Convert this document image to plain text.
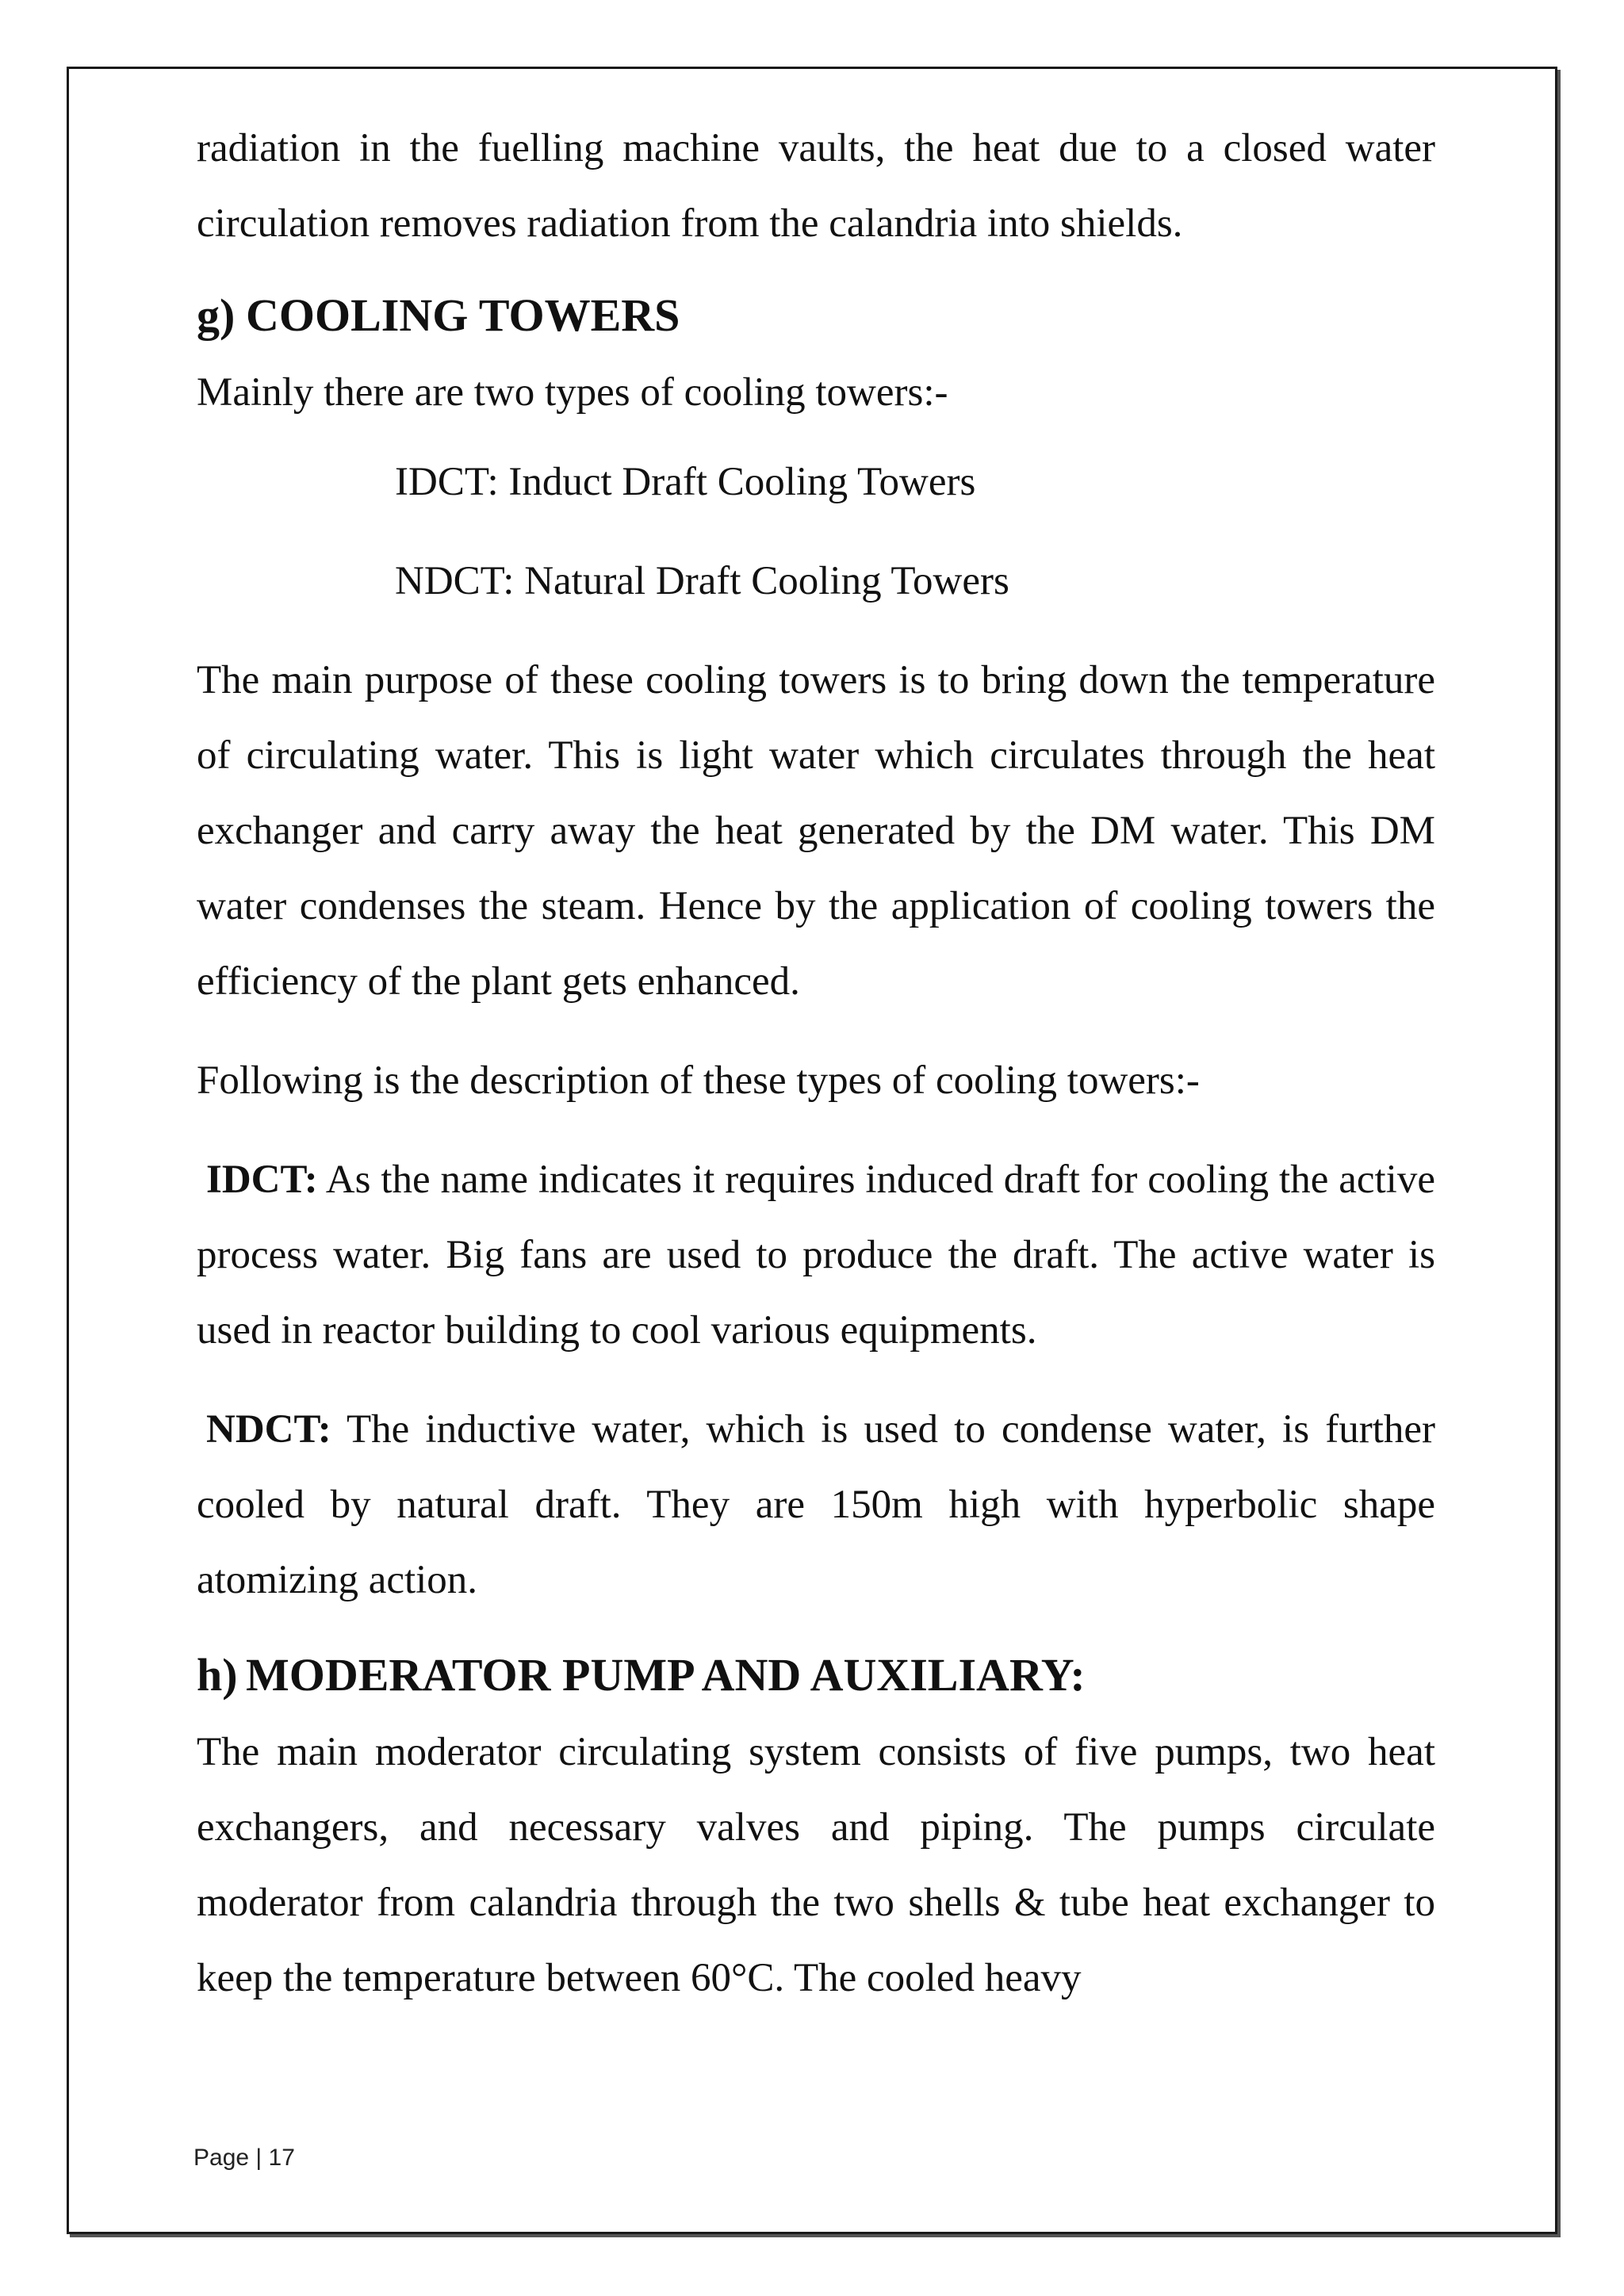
radiation in the fuelling machine vaults, the heat due to a closed water circulation removes radiation from the calandria into shields.

g) COOLING TOWERS

Mainly there are two types of cooling towers:-

IDCT: Induct Draft Cooling Towers

NDCT: Natural Draft Cooling Towers

The main purpose of these cooling towers is to bring down the temperature of circulating water. This is light water which circulates through the heat exchanger and carry away the heat generated by the DM water. This DM water condenses the steam. Hence by the application of cooling towers the efficiency of the plant gets enhanced.

Following is the description of these types of cooling towers:-

IDCT: As the name indicates it requires induced draft for cooling the active process water. Big fans are used to produce the draft. The active water is used in reactor building to cool various equipments.

NDCT: The inductive water, which is used to condense water, is further cooled by natural draft. They are 150m high with hyperbolic shape atomizing action.

h) MODERATOR PUMP AND AUXILIARY:

The main moderator circulating system consists of five pumps, two heat exchangers, and necessary valves and piping. The pumps circulate moderator from calandria through the two shells & tube heat exchanger to keep the temperature between 60°C. The cooled heavy

Page | 17
